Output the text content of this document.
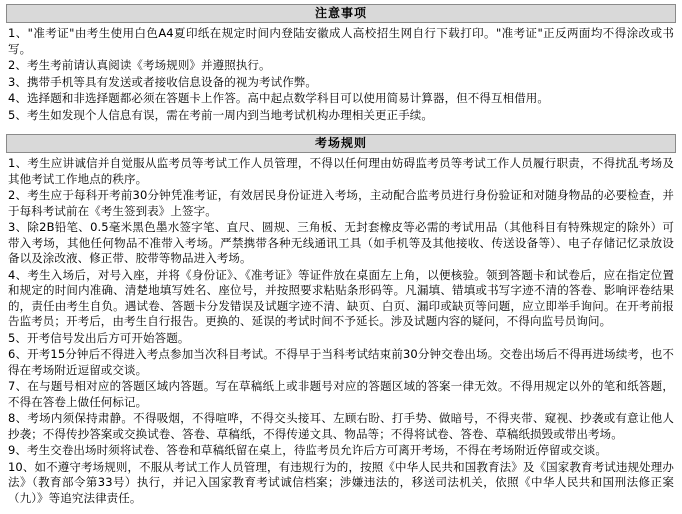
注意事项

1、"准考证"由考生使用白色A4夏印纸在规定时间内登陆安徽成人高校招生网自行下载打印。"准考证"正反两面均不得涂改或书写。

2、考生考前请认真阅读《考场规则》并遵照执行。

3、携带手机等具有发送或者接收信息设备的视为考试作弊。

4、选择题和非选择题都必须在答题卡上作答。高中起点数学科目可以使用简易计算器，但不得互相借用。

5、考生如发现个人信息有误，需在考前一周内到当地考试机构办理相关更正手续。

考场规则

1、考生应讲诚信并自觉服从监考员等考试工作人员管理，不得以任何理由妨碍监考员等考试工作人员履行职责，不得扰乱考场及其他考试工作地点的秩序。

2、考生应于每科开考前30分钟凭准考证，有效居民身份证进入考场，主动配合监考员进行身份验证和对随身物品的必要检查，并于每科考试前在《考生签到表》上签字。

3、除2B铅笔、0.5毫米黑色墨水签字笔、直尺、圆规、三角板、无封套橡皮等必需的考试用品（其他科目有特殊规定的除外）可带入考场，其他任何物品不准带入考场。严禁携带各种无线通讯工具（如手机等及其他接收、传送设备等）、电子存储记忆录放设备以及涂改液、修正带、胶带等物品进入考场。

4、考生入场后，对号入座，并将《身份证》、《准考证》等证件放在桌面左上角，以便核验。领到答题卡和试卷后，应在指定位置和规定的时间内准确、清楚地填写姓名、座位号，并按照要求粘贴条形码等。凡漏填、错填或书写字迹不清的答卷、影响评卷结果的，责任由考生自负。遇试卷、答题卡分发错误及试题字迹不清、缺页、白页、漏印或缺页等问题，应立即举手询问。在开考前报告监考员；开考后，由考生自行报告。更换的、延误的考试时间不予延长。涉及试题内容的疑问，不得向监号员询问。

5、开考信号发出后方可开始答题。

6、开考15分钟后不得进入考点参加当次科目考试。不得早于当科考试结束前30分钟交卷出场。交卷出场后不得再进场续考，也不得在考场附近逗留或交谈。

7、在与题号相对应的答题区域内答题。写在草稿纸上或非题号对应的答题区域的答案一律无效。不得用规定以外的笔和纸答题，不得在答卷上做任何标记。

8、考场内须保持肃静。不得吸烟，不得喧哗，不得交头接耳、左顾右盼、打手势、做暗号，不得夹带、窥视、抄袭或有意让他人抄袭；不得传抄答案或交换试卷、答卷、草稿纸，不得传递文具、物品等；不得将试卷、答卷、草稿纸损毁或带出考场。

9、考生交卷出场时须将试卷、答卷和草稿纸留在桌上，待监考员允许后方可离开考场，不得在考场附近停留或交谈。

10、如不遵守考场规则，不服从考试工作人员管理，有违规行为的，按照《中华人民共和国教育法》及《国家教育考试违规处理办法》（教育部令第33号）执行，并记入国家教育考试诚信档案；涉嫌违法的，移送司法机关，依照《中华人民共和国刑法修正案（九）》等追究法律责任。
